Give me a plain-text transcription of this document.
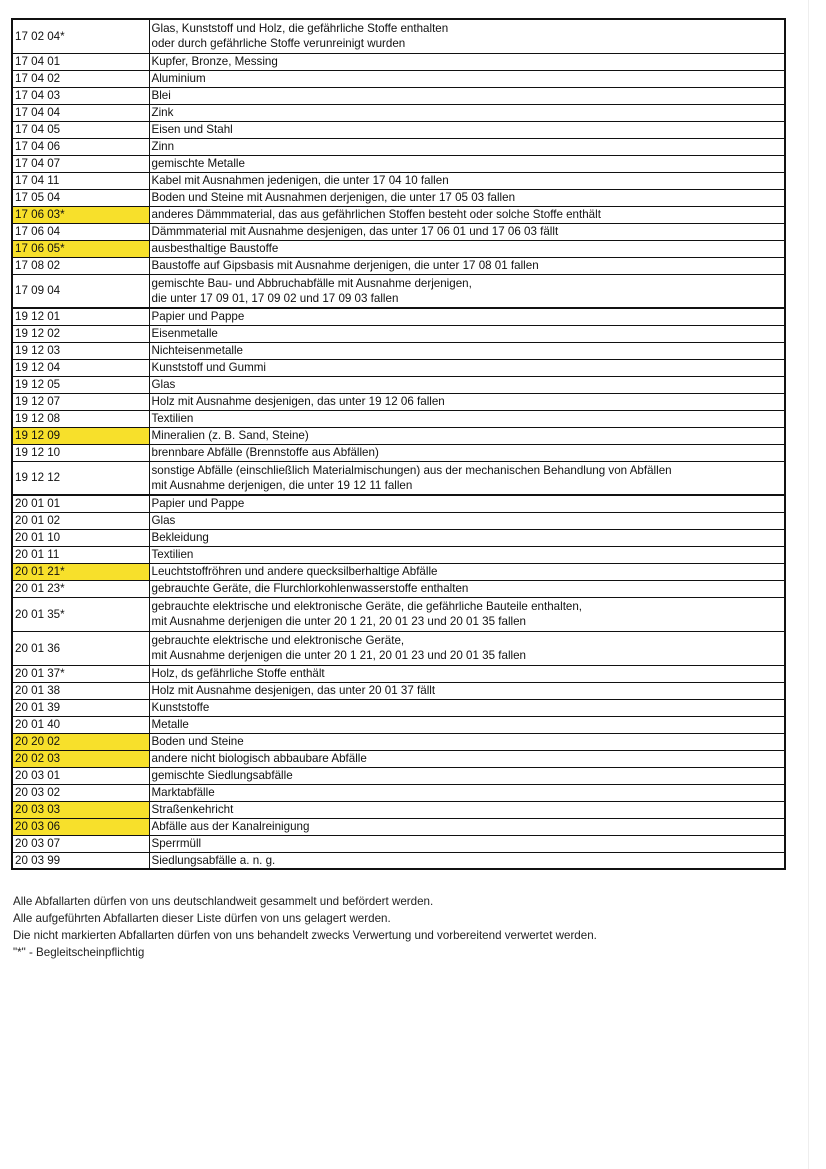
17 02 04*	Glas, Kunststoff und Holz, die gefährliche Stoffe enthalten
oder durch gefährliche Stoffe verunreinigt wurden

17 04 01	Kupfer, Bronze, Messing

17 04 02	Aluminium

17 04 03	Blei

17 04 04	Zink

17 04 05	Eisen und Stahl

17 04 06	Zinn

17 04 07	gemischte Metalle

17 04 11	Kabel mit Ausnahmen jedenigen, die unter 17 04 10 fallen

17 05 04	Boden und Steine mit Ausnahmen derjenigen, die unter 17 05 03 fallen

17 06 03*	anderes Dämmmaterial, das aus gefährlichen Stoffen besteht oder solche Stoffe enthält

17 06 04	Dämmmaterial mit Ausnahme desjenigen, das unter 17 06 01 und 17 06 03 fällt

17 06 05*	ausbesthaltige Baustoffe

17 08 02	Baustoffe auf Gipsbasis mit Ausnahme derjenigen, die unter 17 08 01 fallen

17 09 04	gemischte Bau- und Abbruchabfälle mit Ausnahme derjenigen,
die unter 17 09 01, 17 09 02 und 17 09 03 fallen

19 12 01	Papier und Pappe

19 12 02	Eisenmetalle

19 12 03	Nichteisenmetalle

19 12 04	Kunststoff und Gummi

19 12 05	Glas

19 12 07	Holz mit Ausnahme desjenigen, das unter 19 12 06 fallen

19 12 08	Textilien

19 12 09	Mineralien (z. B. Sand, Steine)

19 12 10	brennbare Abfälle (Brennstoffe aus Abfällen)

19 12 12	sonstige Abfälle (einschließlich Materialmischungen) aus der mechanischen Behandlung von Abfällen
mit Ausnahme derjenigen, die unter 19 12 11 fallen

20 01 01	Papier und Pappe

20 01 02	Glas

20 01 10	Bekleidung

20 01 11	Textilien

20 01 21*	Leuchtstoffröhren und andere quecksilberhaltige Abfälle

20 01 23*	gebrauchte Geräte, die Flurchlorkohlenwasserstoffe enthalten

20 01 35*	gebrauchte elektrische und elektronische Geräte, die gefährliche Bauteile enthalten,
mit Ausnahme derjenigen die unter 20 1 21, 20 01 23 und 20 01 35 fallen

20 01 36	gebrauchte elektrische und elektronische Geräte,
mit Ausnahme derjenigen die unter 20 1 21, 20 01 23 und 20 01 35 fallen

20 01 37*	Holz, ds gefährliche Stoffe enthält

20 01 38	Holz mit Ausnahme desjenigen, das unter 20 01 37 fällt

20 01 39	Kunststoffe

20 01 40	Metalle

20 20 02	Boden und Steine

20 02 03	andere nicht biologisch abbaubare Abfälle

20 03 01	gemischte Siedlungsabfälle

20 03 02	Marktabfälle

20 03 03	Straßenkehricht

20 03 06	Abfälle aus der Kanalreinigung

20 03 07	Sperrmüll

20 03 99	Siedlungsabfälle a. n. g.
Alle Abfallarten dürfen von uns deutschlandweit gesammelt und befördert werden.
Alle aufgeführten Abfallarten dieser Liste dürfen von uns gelagert werden.
Die nicht markierten Abfallarten dürfen von uns behandelt zwecks Verwertung und vorbereitend verwertet werden.
"*" - Begleitscheinpflichtig
